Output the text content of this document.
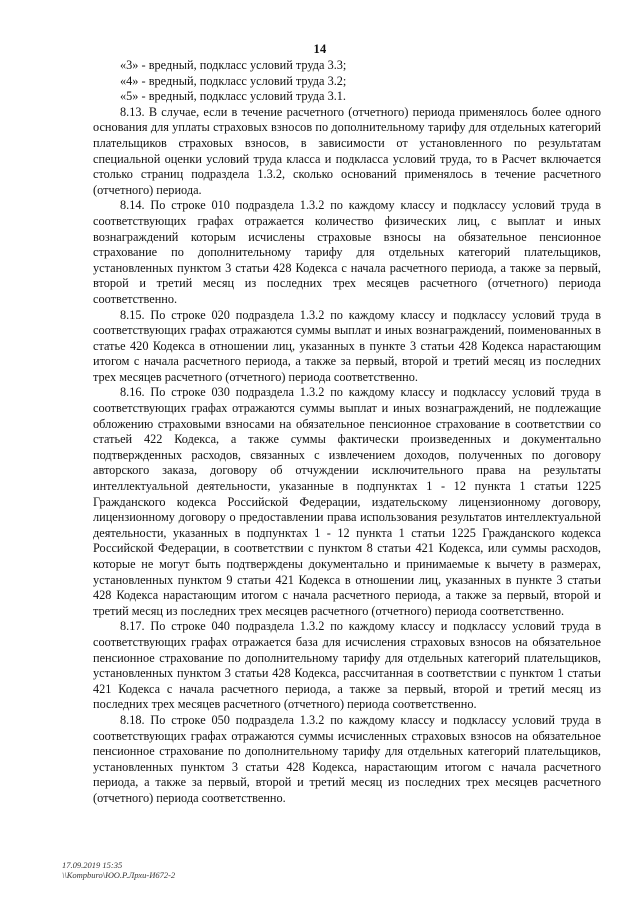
14

«3» - вредный, подкласс условий труда 3.3;

«4» - вредный, подкласс условий труда 3.2;

«5» - вредный, подкласс условий труда 3.1.

8.13. В случае, если в течение расчетного (отчетного) периода применялось более одного основания для уплаты страховых взносов по дополнительному тарифу для отдельных категорий плательщиков страховых взносов, в зависимости от установленного по результатам специальной оценки условий труда класса и подкласса условий труда, то в Расчет включается столько страниц подраздела 1.3.2, сколько оснований применялось в течение расчетного (отчетного) периода.

8.14. По строке 010 подраздела 1.3.2 по каждому классу и подклассу условий труда в соответствующих графах отражается количество физических лиц, с выплат и иных вознаграждений которым исчислены страховые взносы на обязательное пенсионное страхование по дополнительному тарифу для отдельных категорий плательщиков, установленных пунктом 3 статьи 428 Кодекса с начала расчетного периода, а также за первый, второй и третий месяц из последних трех месяцев расчетного (отчетного) периода соответственно.

8.15. По строке 020 подраздела 1.3.2 по каждому классу и подклассу условий труда в соответствующих графах отражаются суммы выплат и иных вознаграждений, поименованных в статье 420 Кодекса в отношении лиц, указанных в пункте 3 статьи 428 Кодекса нарастающим итогом с начала расчетного периода, а также за первый, второй и третий месяц из последних трех месяцев расчетного (отчетного) периода соответственно.

8.16. По строке 030 подраздела 1.3.2 по каждому классу и подклассу условий труда в соответствующих графах отражаются суммы выплат и иных вознаграждений, не подлежащие обложению страховыми взносами на обязательное пенсионное страхование в соответствии со статьей 422 Кодекса, а также суммы фактически произведенных и документально подтвержденных расходов, связанных с извлечением доходов, полученных по договору авторского заказа, договору об отчуждении исключительного права на результаты интеллектуальной деятельности, указанные в подпунктах 1 - 12 пункта 1 статьи 1225 Гражданского кодекса Российской Федерации, издательскому лицензионному договору, лицензионному договору о предоставлении права использования результатов интеллектуальной деятельности, указанных в подпунктах 1 - 12 пункта 1 статьи 1225 Гражданского кодекса Российской Федерации, в соответствии с пунктом 8 статьи 421 Кодекса, или суммы расходов, которые не могут быть подтверждены документально и принимаемые к вычету в размерах, установленных пунктом 9 статьи 421 Кодекса в отношении лиц, указанных в пункте 3 статьи 428 Кодекса нарастающим итогом с начала расчетного периода, а также за первый, второй и третий месяц из последних трех месяцев расчетного (отчетного) периода соответственно.

8.17. По строке 040 подраздела 1.3.2 по каждому классу и подклассу условий труда в соответствующих графах отражается база для исчисления страховых взносов на обязательное пенсионное страхование по дополнительному тарифу для отдельных категорий плательщиков, установленных пунктом 3 статьи 428 Кодекса, рассчитанная в соответствии с пунктом 1 статьи 421 Кодекса с начала расчетного периода, а также за первый, второй и третий месяц из последних трех месяцев расчетного (отчетного) периода соответственно.

8.18. По строке 050 подраздела 1.3.2 по каждому классу и подклассу условий труда в соответствующих графах отражаются суммы исчисленных страховых взносов на обязательное пенсионное страхование по дополнительному тарифу для отдельных категорий плательщиков, установленных пунктом 3 статьи 428 Кодекса, нарастающим итогом с начала расчетного периода, а также за первый, второй и третий месяц из последних трех месяцев расчетного (отчетного) периода соответственно.

17.09.2019 15:35
\\Kompburo\ЮО.Р.Лрхи-И672-2
